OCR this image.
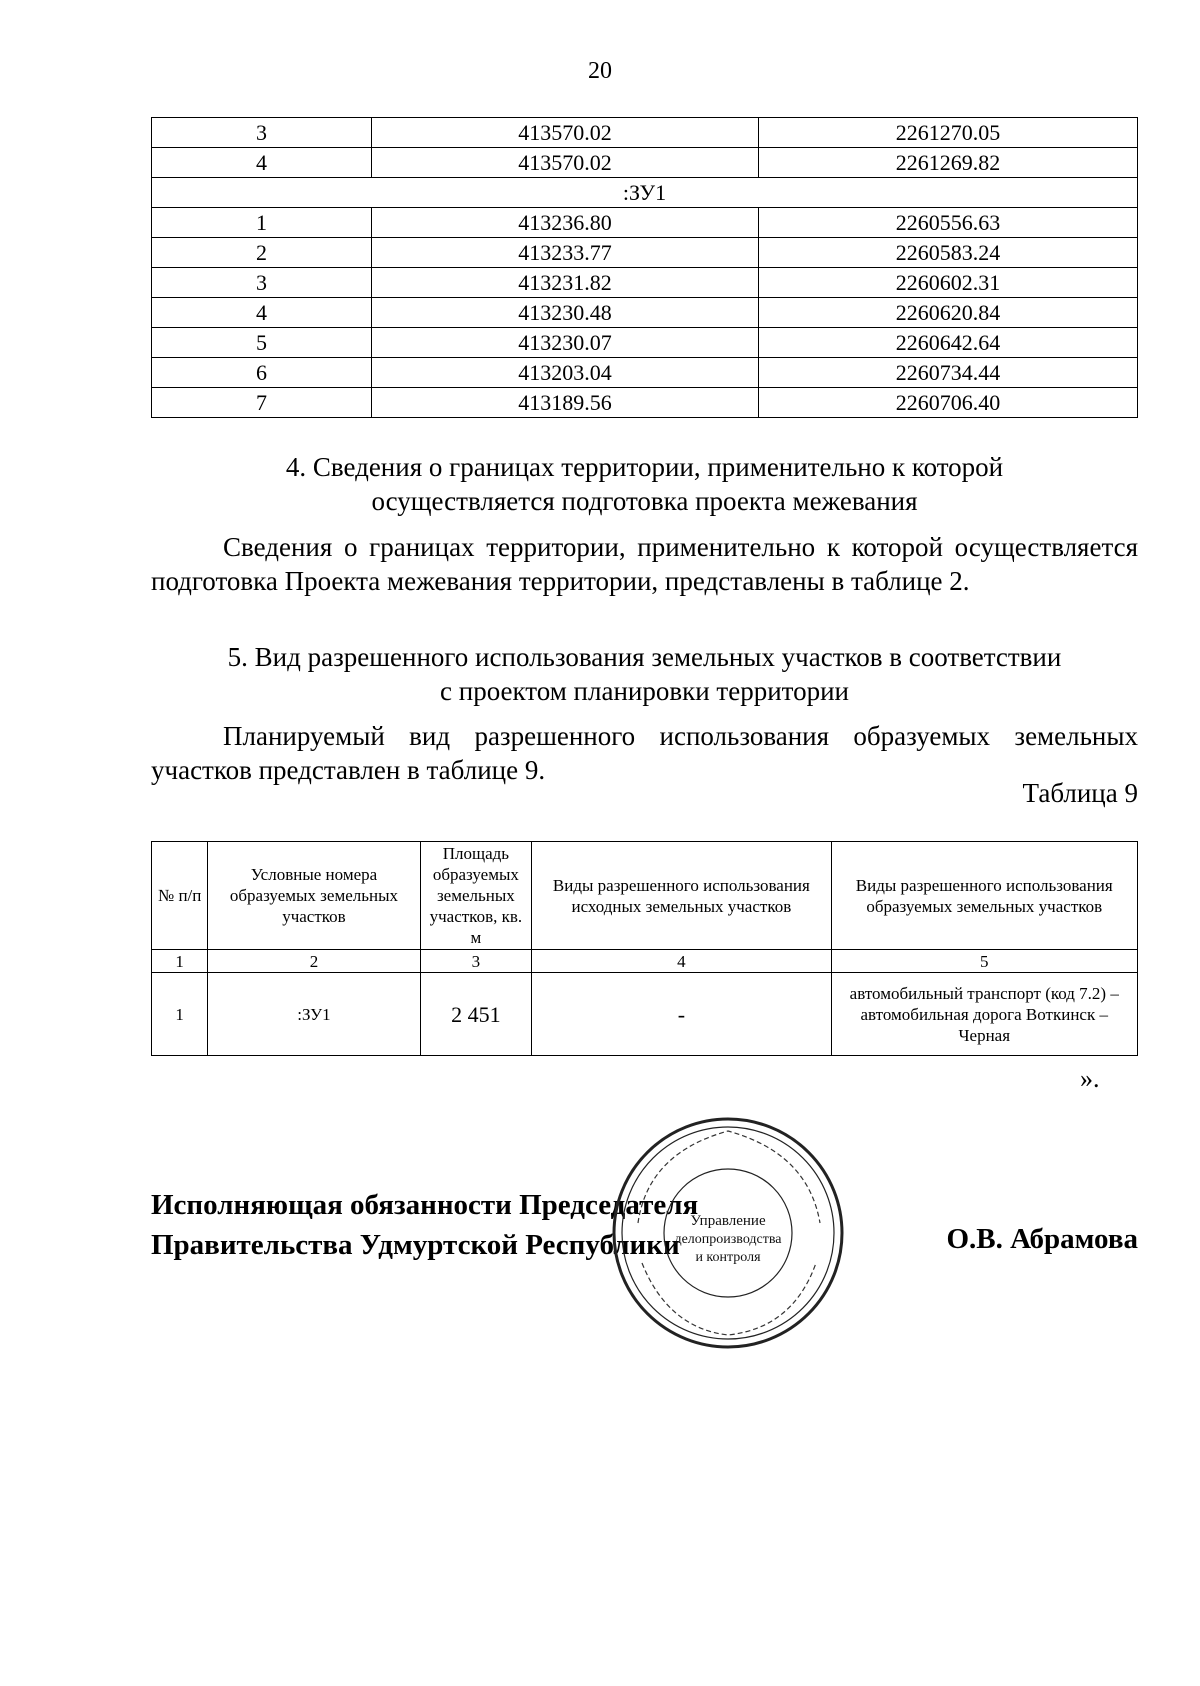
20
3	413570.02	2261270.05
4	413570.02	2261269.82
:ЗУ1		
1	413236.80	2260556.63
2	413233.77	2260583.24
3	413231.82	2260602.31
4	413230.48	2260620.84
5	413230.07	2260642.64
6	413203.04	2260734.44
7	413189.56	2260706.40
4. Сведения о границах территории, применительно к которой
осуществляется подготовка проекта межевания
Сведения о границах территории, применительно к которой осуществляется подготовка Проекта межевания территории, представлены в таблице 2.
5. Вид разрешенного использования земельных участков в соответствии
с проектом планировки территории
Планируемый вид разрешенного использования образуемых земельных участков представлен в таблице 9.
Таблица 9
№ п/п	Условные номера образуемых земельных участков	Площадь образуемых земельных участков, кв. м	Виды разрешенного использования исходных земельных участков	Виды разрешенного использования образуемых земельных участков
1	2	3	4	5
1	:ЗУ1	2 451	-	автомобильный транспорт (код 7.2) – автомобильная дорога Воткинск – Черная
».
Исполняющая обязанности Председателя
Правительства Удмуртской Республики	О.В. Абрамова
Управление
делопроизводства
и контроля
